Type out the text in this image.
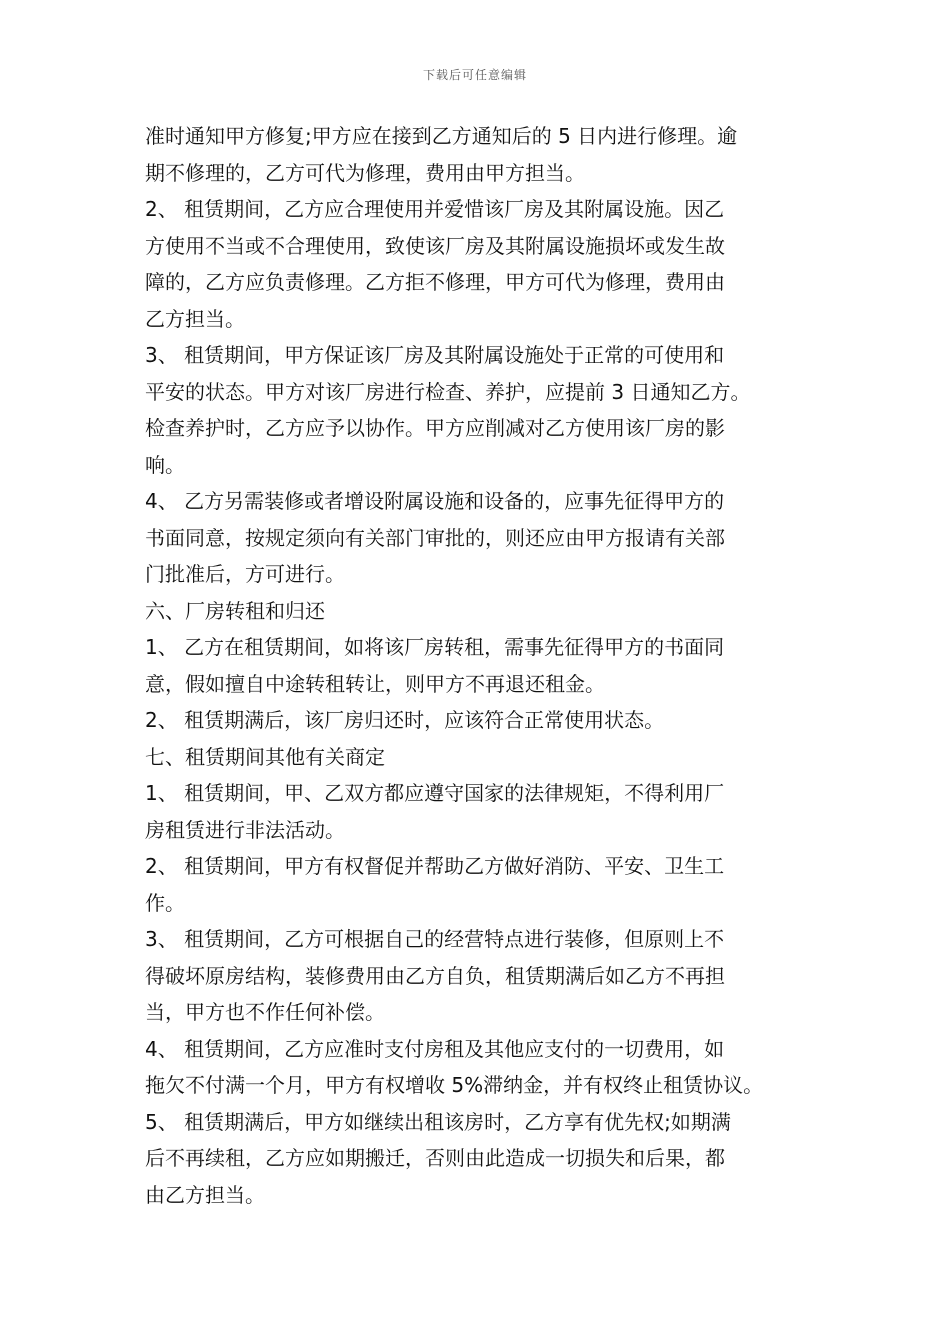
下载后可任意编辑
准时通知甲方修复;甲方应在接到乙方通知后的 5 日内进行修理。逾
期不修理的，乙方可代为修理，费用由甲方担当。
2、 租赁期间，乙方应合理使用并爱惜该厂房及其附属设施。因乙
方使用不当或不合理使用，致使该厂房及其附属设施损坏或发生故
障的，乙方应负责修理。乙方拒不修理，甲方可代为修理，费用由
乙方担当。
3、 租赁期间，甲方保证该厂房及其附属设施处于正常的可使用和
平安的状态。甲方对该厂房进行检查、养护，应提前 3 日通知乙方。
检查养护时，乙方应予以协作。甲方应削减对乙方使用该厂房的影
响。
4、 乙方另需装修或者增设附属设施和设备的，应事先征得甲方的
书面同意，按规定须向有关部门审批的，则还应由甲方报请有关部
门批准后，方可进行。
六、厂房转租和归还
1、 乙方在租赁期间，如将该厂房转租，需事先征得甲方的书面同
意，假如擅自中途转租转让，则甲方不再退还租金。
2、 租赁期满后，该厂房归还时，应该符合正常使用状态。
七、租赁期间其他有关商定
1、 租赁期间，甲、乙双方都应遵守国家的法律规矩，不得利用厂
房租赁进行非法活动。
2、 租赁期间，甲方有权督促并帮助乙方做好消防、平安、卫生工
作。
3、 租赁期间，乙方可根据自己的经营特点进行装修，但原则上不
得破坏原房结构，装修费用由乙方自负，租赁期满后如乙方不再担
当，甲方也不作任何补偿。
4、 租赁期间，乙方应准时支付房租及其他应支付的一切费用，如
拖欠不付满一个月，甲方有权增收 5%滞纳金，并有权终止租赁协议。
5、 租赁期满后，甲方如继续出租该房时，乙方享有优先权;如期满
后不再续租，乙方应如期搬迁，否则由此造成一切损失和后果，都
由乙方担当。
